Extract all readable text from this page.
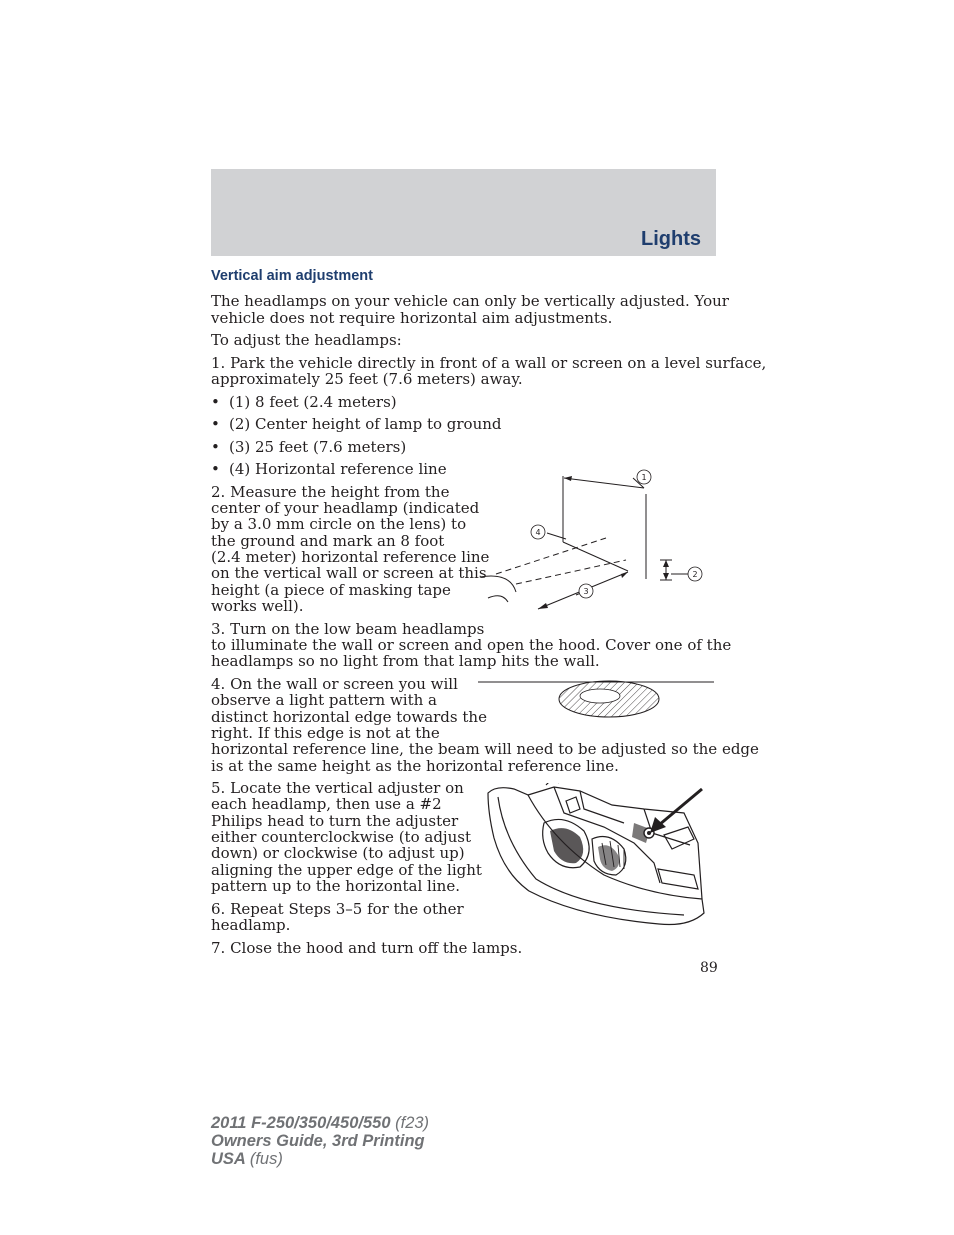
Lights
Vertical aim adjustment

The headlamps on your vehicle can only be vertically adjusted. Your

vehicle does not require horizontal aim adjustments.

To adjust the headlamps:

1. Park the vehicle directly in front of a wall or screen on a level surface,

approximately 25 feet (7.6 meters) away.

• (1) 8 feet (2.4 meters)
• (2) Center height of lamp to ground
• (3) 25 feet (7.6 meters)
• (4) Horizontal reference line

2. Measure the height from the

center of your headlamp (indicated

by a 3.0 mm circle on the lens) to

the ground and mark an 8 foot

(2.4 meter) horizontal reference line

on the vertical wall or screen at this

height (a piece of masking tape

works well).

1
2
3
4

3. Turn on the low beam headlamps

to illuminate the wall or screen and open the hood. Cover one of the

headlamps so no light from that lamp hits the wall.

4. On the wall or screen you will

observe a light pattern with a

distinct horizontal edge towards the

right. If this edge is not at the

horizontal reference line, the beam will need to be adjusted so the edge

is at the same height as the horizontal reference line.

5. Locate the vertical adjuster on

each headlamp, then use a #2

Philips head to turn the adjuster

either counterclockwise (to adjust

down) or clockwise (to adjust up)

aligning the upper edge of the light

pattern up to the horizontal line.

6. Repeat Steps 3–5 for the other

headlamp.

7. Close the hood and turn off the lamps.

89
2011 F-250/350/450/550 (f23)
Owners Guide, 3rd Printing
USA (fus)
